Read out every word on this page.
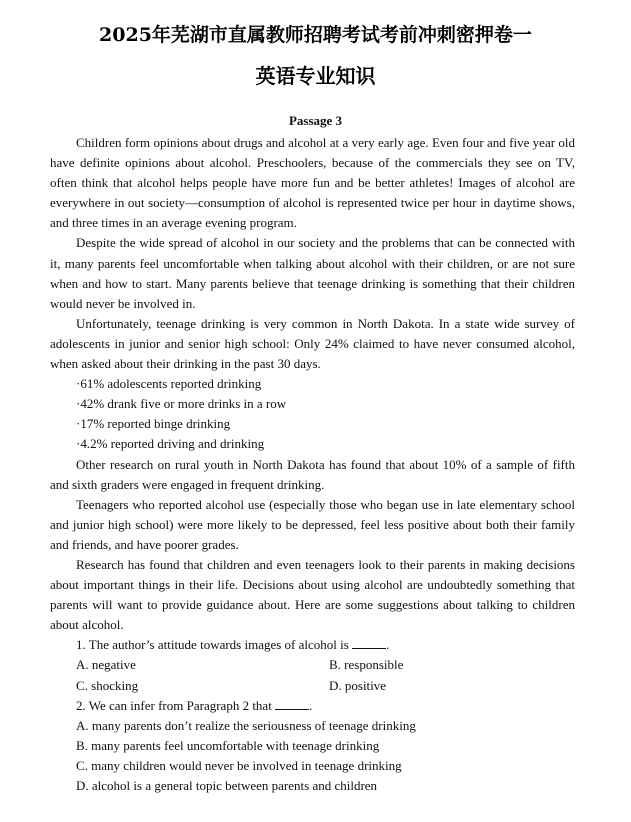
2025年芜湖市直属教师招聘考试考前冲刺密押卷一
英语专业知识
Passage 3

Children form opinions about drugs and alcohol at a very early age. Even four and five year old have definite opinions about alcohol. Preschoolers, because of the commercials they see on TV, often think that alcohol helps people have more fun and be better athletes! Images of alcohol are everywhere in out society—consumption of alcohol is represented twice per hour in daytime shows, and three times in an average evening program.

Despite the wide spread of alcohol in our society and the problems that can be connected with it, many parents feel uncomfortable when talking about alcohol with their children, or are not sure when and how to start. Many parents believe that teenage drinking is something that their children would never be involved in.

Unfortunately, teenage drinking is very common in North Dakota. In a state wide survey of adolescents in junior and senior high school: Only 24% claimed to have never consumed alcohol, when asked about their drinking in the past 30 days.

·61% adolescents reported drinking

·42% drank five or more drinks in a row

·17% reported binge drinking

·4.2% reported driving and drinking

Other research on rural youth in North Dakota has found that about 10% of a sample of fifth and sixth graders were engaged in frequent drinking.

Teenagers who reported alcohol use (especially those who began use in late elementary school and junior high school) were more likely to be depressed, feel less positive about both their family and friends, and have poorer grades.

Research has found that children and even teenagers look to their parents in making decisions about important things in their life. Decisions about using alcohol are undoubtedly something that parents will want to provide guidance about. Here are some suggestions about talking to children about alcohol.

1. The author’s attitude towards images of alcohol is	.

A. negative	B. responsible
C. shocking	D. positive

2. We can infer from Paragraph 2 that	.

A. many parents don’t realize the seriousness of teenage drinking

B. many parents feel uncomfortable with teenage drinking

C. many children would never be involved in teenage drinking

D. alcohol is a general topic between parents and children
